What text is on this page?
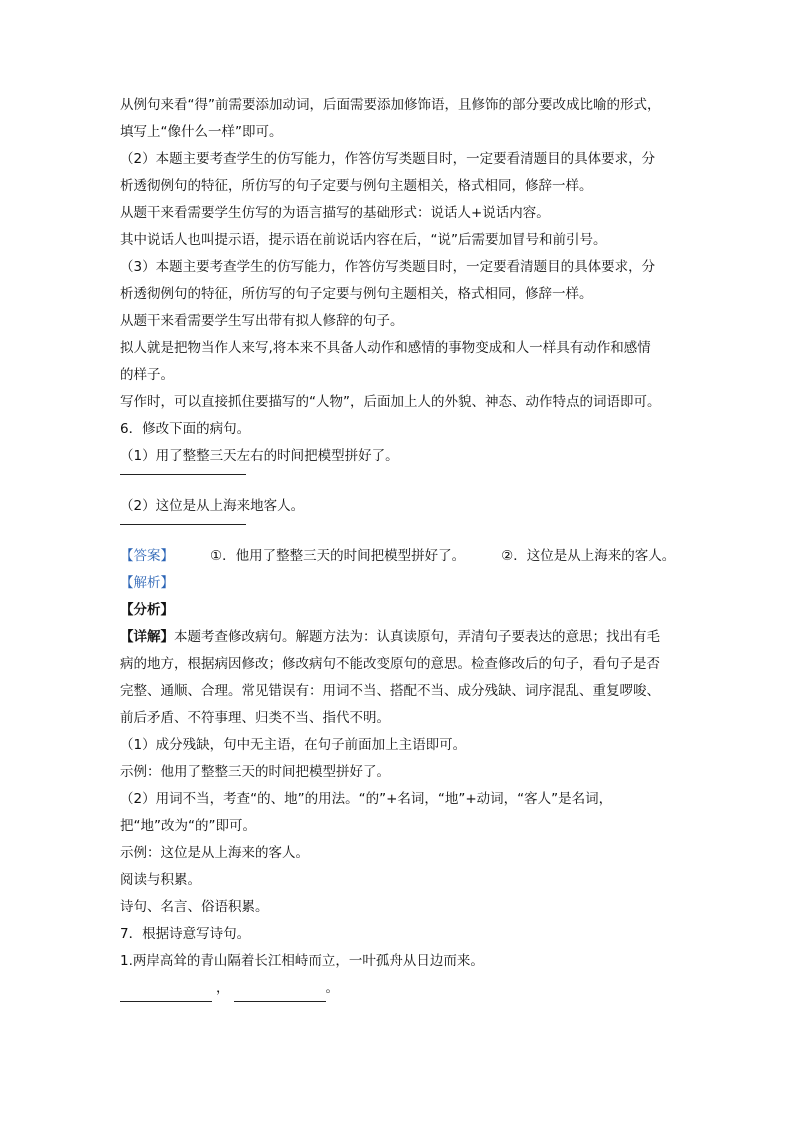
从例句来看“得”前需要添加动词，后面需要添加修饰语，且修饰的部分要改成比喻的形式，
填写上“像什么一样”即可。
（2）本题主要考查学生的仿写能力，作答仿写类题目时，一定要看清题目的具体要求，分
析透彻例句的特征，所仿写的句子定要与例句主题相关，格式相同，修辞一样。
从题干来看需要学生仿写的为语言描写的基础形式：说话人+说话内容。
其中说话人也叫提示语，提示语在前说话内容在后，“说”后需要加冒号和前引号。
（3）本题主要考查学生的仿写能力，作答仿写类题目时，一定要看清题目的具体要求，分
析透彻例句的特征，所仿写的句子定要与例句主题相关，格式相同，修辞一样。
从题干来看需要学生写出带有拟人修辞的句子。
拟人就是把物当作人来写,将本来不具备人动作和感情的事物变成和人一样具有动作和感情
的样子。
写作时，可以直接抓住要描写的“人物”，后面加上人的外貌、神态、动作特点的词语即可。
6．修改下面的病句。
（1）用了整整三天左右的时间把模型拼好了。
（2）这位是从上海来地客人。
【答案】	①．他用了整整三天的时间把模型拼好了。	②．这位是从上海来的客人。
【解析】
【分析】
【详解】本题考查修改病句。解题方法为：认真读原句，弄清句子要表达的意思；找出有毛
病的地方，根据病因修改；修改病句不能改变原句的意思。检查修改后的句子，看句子是否
完整、通顺、合理。常见错误有：用词不当、搭配不当、成分残缺、词序混乱、重复啰唆、
前后矛盾、不符事理、归类不当、指代不明。
（1）成分残缺，句中无主语，在句子前面加上主语即可。
示例：他用了整整三天的时间把模型拼好了。
（2）用词不当，考查“的、地”的用法。“的”+名词，“地”+动词，“客人”是名词，
把“地”改为“的”即可。
示例：这位是从上海来的客人。
阅读与积累。
诗句、名言、俗语积累。
7．根据诗意写诗句。
1.两岸高耸的青山隔着长江相峙而立，一叶孤舟从日边而来。
，	。
